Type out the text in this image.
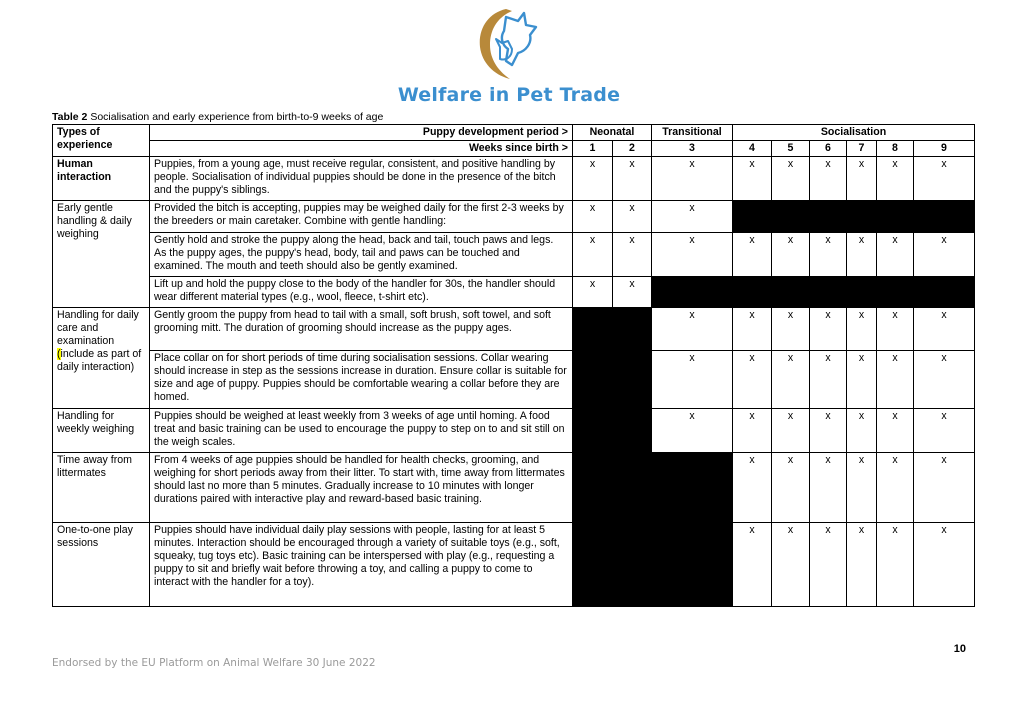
Welfare in Pet Trade
Table 2 Socialisation and early experience from birth-to-9 weeks of age
Types of experience	Puppy development period >	Neonatal		Transitional	Socialisation					
	Weeks since birth >	1	2	3	4	5	6	7	8	9
Human interaction	Puppies, from a young age, must receive regular, consistent, and positive handling by people. Socialisation of individual puppies should be done in the presence of the bitch and the puppy's siblings.	x	x	x	x	x	x	x	x	x
Early gentle handling & daily weighing	Provided the bitch is accepting, puppies may be weighed daily for the first 2-3 weeks by the breeders or main caretaker. Combine with gentle handling:	x	x	x						
	Gently hold and stroke the puppy along the head, back and tail, touch paws and legs. As the puppy ages, the puppy's head, body, tail and paws can be touched and examined. The mouth and teeth should also be gently examined.	x	x	x	x	x	x	x	x	x
	Lift up and hold the puppy close to the body of the handler for 30s, the handler should wear different material types (e.g., wool, fleece, t-shirt etc).	x	x							
Handling for daily care and examination (include as part of daily interaction)	Gently groom the puppy from head to tail with a small, soft brush, soft towel, and soft grooming mitt. The duration of grooming should increase as the puppy ages.			x	x	x	x	x	x	x
	Place collar on for short periods of time during socialisation sessions. Collar wearing should increase in step as the sessions increase in duration. Ensure collar is suitable for size and age of puppy. Puppies should be comfortable wearing a collar before they are homed.			x	x	x	x	x	x	x
Handling for weekly weighing	Puppies should be weighed at least weekly from 3 weeks of age until homing. A food treat and basic training can be used to encourage the puppy to step on to and sit still on the weigh scales.			x	x	x	x	x	x	x
Time away from littermates	From 4 weeks of age puppies should be handled for health checks, grooming, and weighing for short periods away from their litter. To start with, time away from littermates should last no more than 5 minutes. Gradually increase to 10 minutes with longer durations paired with interactive play and reward-based basic training.				x	x	x	x	x	x
One-to-one play sessions	Puppies should have individual daily play sessions with people, lasting for at least 5 minutes. Interaction should be encouraged through a variety of suitable toys (e.g., soft, squeaky, tug toys etc). Basic training can be interspersed with play (e.g., requesting a puppy to sit and briefly wait before throwing a toy, and calling a puppy to come to interact with the handler for a toy).				x	x	x	x	x	x
10
Endorsed by the EU Platform on Animal Welfare 30 June 2022
